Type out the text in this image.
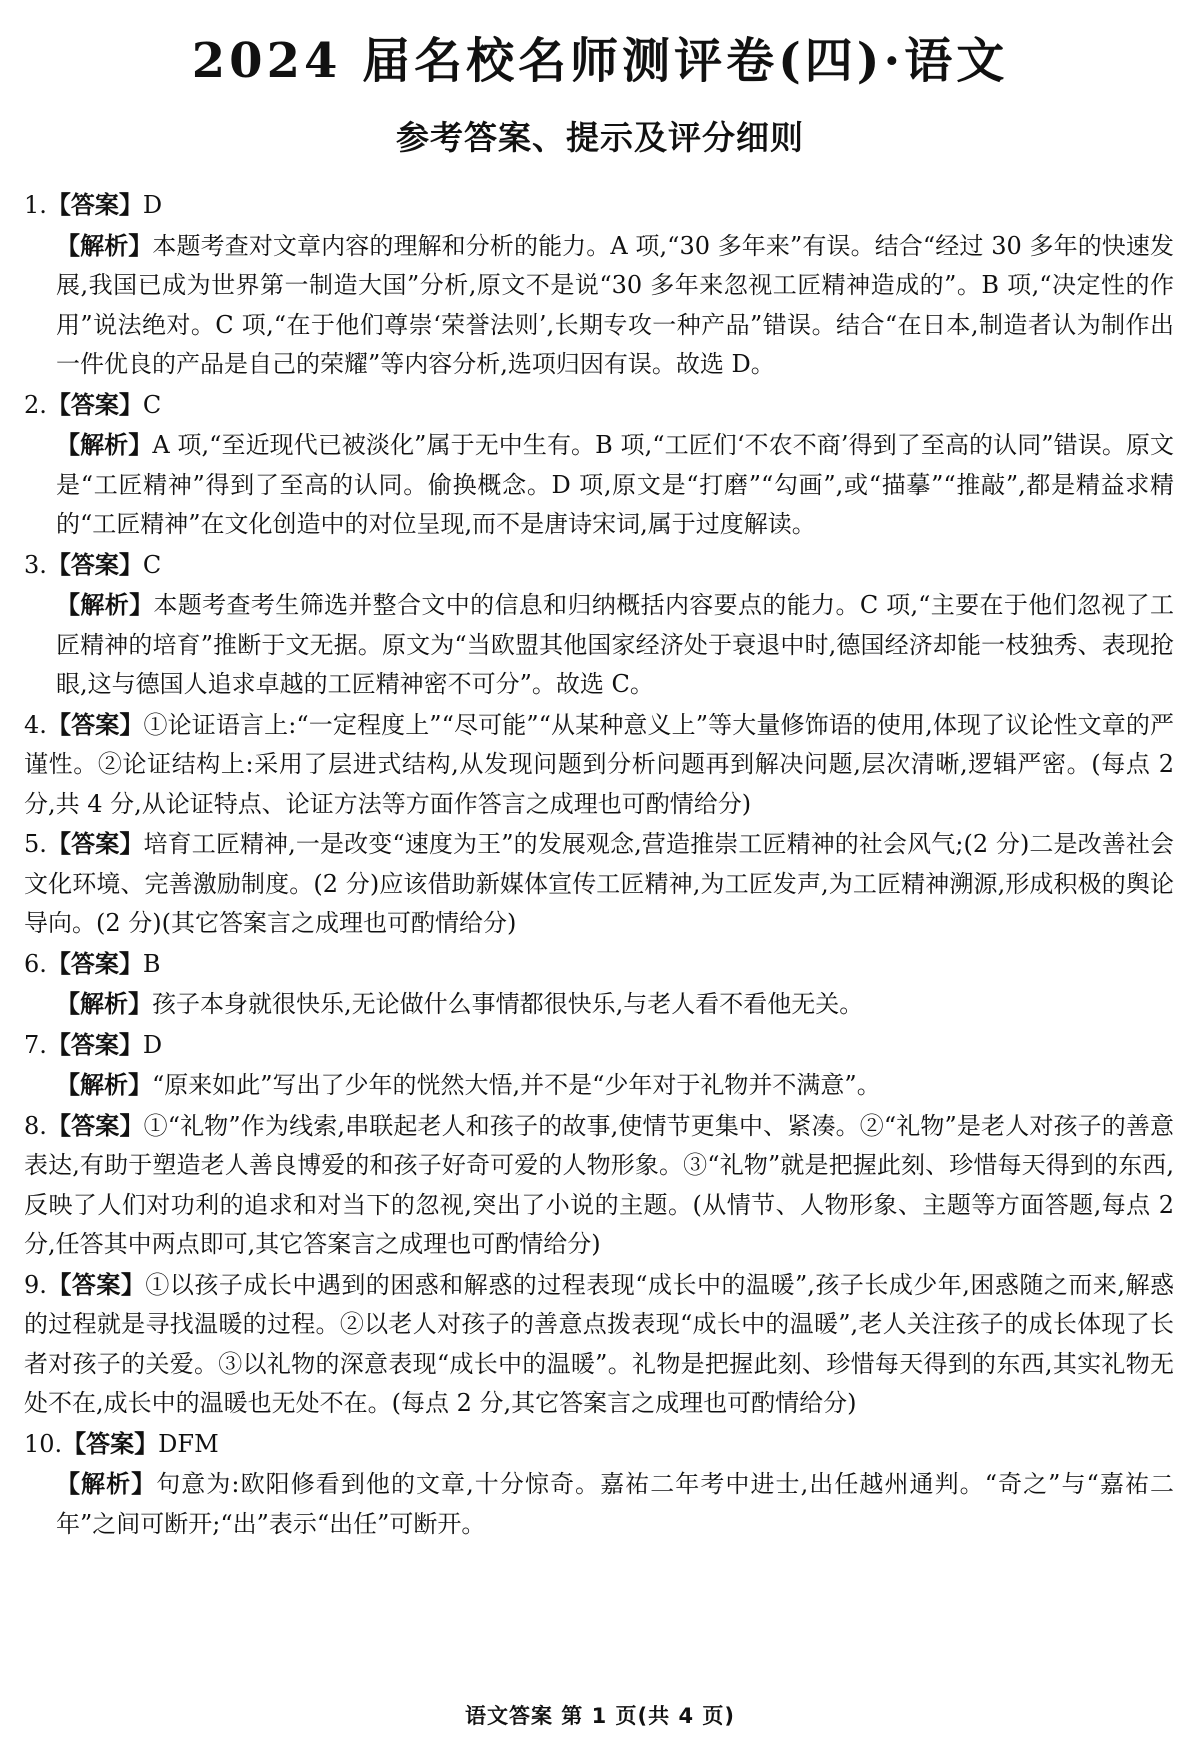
2024 届名校名师测评卷(四)·语文
参考答案、提示及评分细则
1.【答案】D
【解析】本题考查对文章内容的理解和分析的能力。A 项,“30 多年来”有误。结合“经过 30 多年的快速发展,我国已成为世界第一制造大国”分析,原文不是说“30 多年来忽视工匠精神造成的”。B 项,“决定性的作用”说法绝对。C 项,“在于他们尊崇‘荣誉法则’,长期专攻一种产品”错误。结合“在日本,制造者认为制作出一件优良的产品是自己的荣耀”等内容分析,选项归因有误。故选 D。
2.【答案】C
【解析】A 项,“至近现代已被淡化”属于无中生有。B 项,“工匠们‘不农不商’得到了至高的认同”错误。原文是“工匠精神”得到了至高的认同。偷换概念。D 项,原文是“打磨”“勾画”,或“描摹”“推敲”,都是精益求精的“工匠精神”在文化创造中的对位呈现,而不是唐诗宋词,属于过度解读。
3.【答案】C
【解析】本题考查考生筛选并整合文中的信息和归纳概括内容要点的能力。C 项,“主要在于他们忽视了工匠精神的培育”推断于文无据。原文为“当欧盟其他国家经济处于衰退中时,德国经济却能一枝独秀、表现抢眼,这与德国人追求卓越的工匠精神密不可分”。故选 C。
4.【答案】①论证语言上:“一定程度上”“尽可能”“从某种意义上”等大量修饰语的使用,体现了议论性文章的严谨性。②论证结构上:采用了层进式结构,从发现问题到分析问题再到解决问题,层次清晰,逻辑严密。(每点 2 分,共 4 分,从论证特点、论证方法等方面作答言之成理也可酌情给分)
5.【答案】培育工匠精神,一是改变“速度为王”的发展观念,营造推崇工匠精神的社会风气;(2 分)二是改善社会文化环境、完善激励制度。(2 分)应该借助新媒体宣传工匠精神,为工匠发声,为工匠精神溯源,形成积极的舆论导向。(2 分)(其它答案言之成理也可酌情给分)
6.【答案】B
【解析】孩子本身就很快乐,无论做什么事情都很快乐,与老人看不看他无关。
7.【答案】D
【解析】“原来如此”写出了少年的恍然大悟,并不是“少年对于礼物并不满意”。
8.【答案】①“礼物”作为线索,串联起老人和孩子的故事,使情节更集中、紧凑。②“礼物”是老人对孩子的善意表达,有助于塑造老人善良博爱的和孩子好奇可爱的人物形象。③“礼物”就是把握此刻、珍惜每天得到的东西,反映了人们对功利的追求和对当下的忽视,突出了小说的主题。(从情节、人物形象、主题等方面答题,每点 2 分,任答其中两点即可,其它答案言之成理也可酌情给分)
9.【答案】①以孩子成长中遇到的困惑和解惑的过程表现“成长中的温暖”,孩子长成少年,困惑随之而来,解惑的过程就是寻找温暖的过程。②以老人对孩子的善意点拨表现“成长中的温暖”,老人关注孩子的成长体现了长者对孩子的关爱。③以礼物的深意表现“成长中的温暖”。礼物是把握此刻、珍惜每天得到的东西,其实礼物无处不在,成长中的温暖也无处不在。(每点 2 分,其它答案言之成理也可酌情给分)
10.【答案】DFM
【解析】句意为:欧阳修看到他的文章,十分惊奇。嘉祐二年考中进士,出任越州通判。“奇之”与“嘉祐二年”之间可断开;“出”表示“出任”可断开。
语文答案 第 1 页(共 4 页)
